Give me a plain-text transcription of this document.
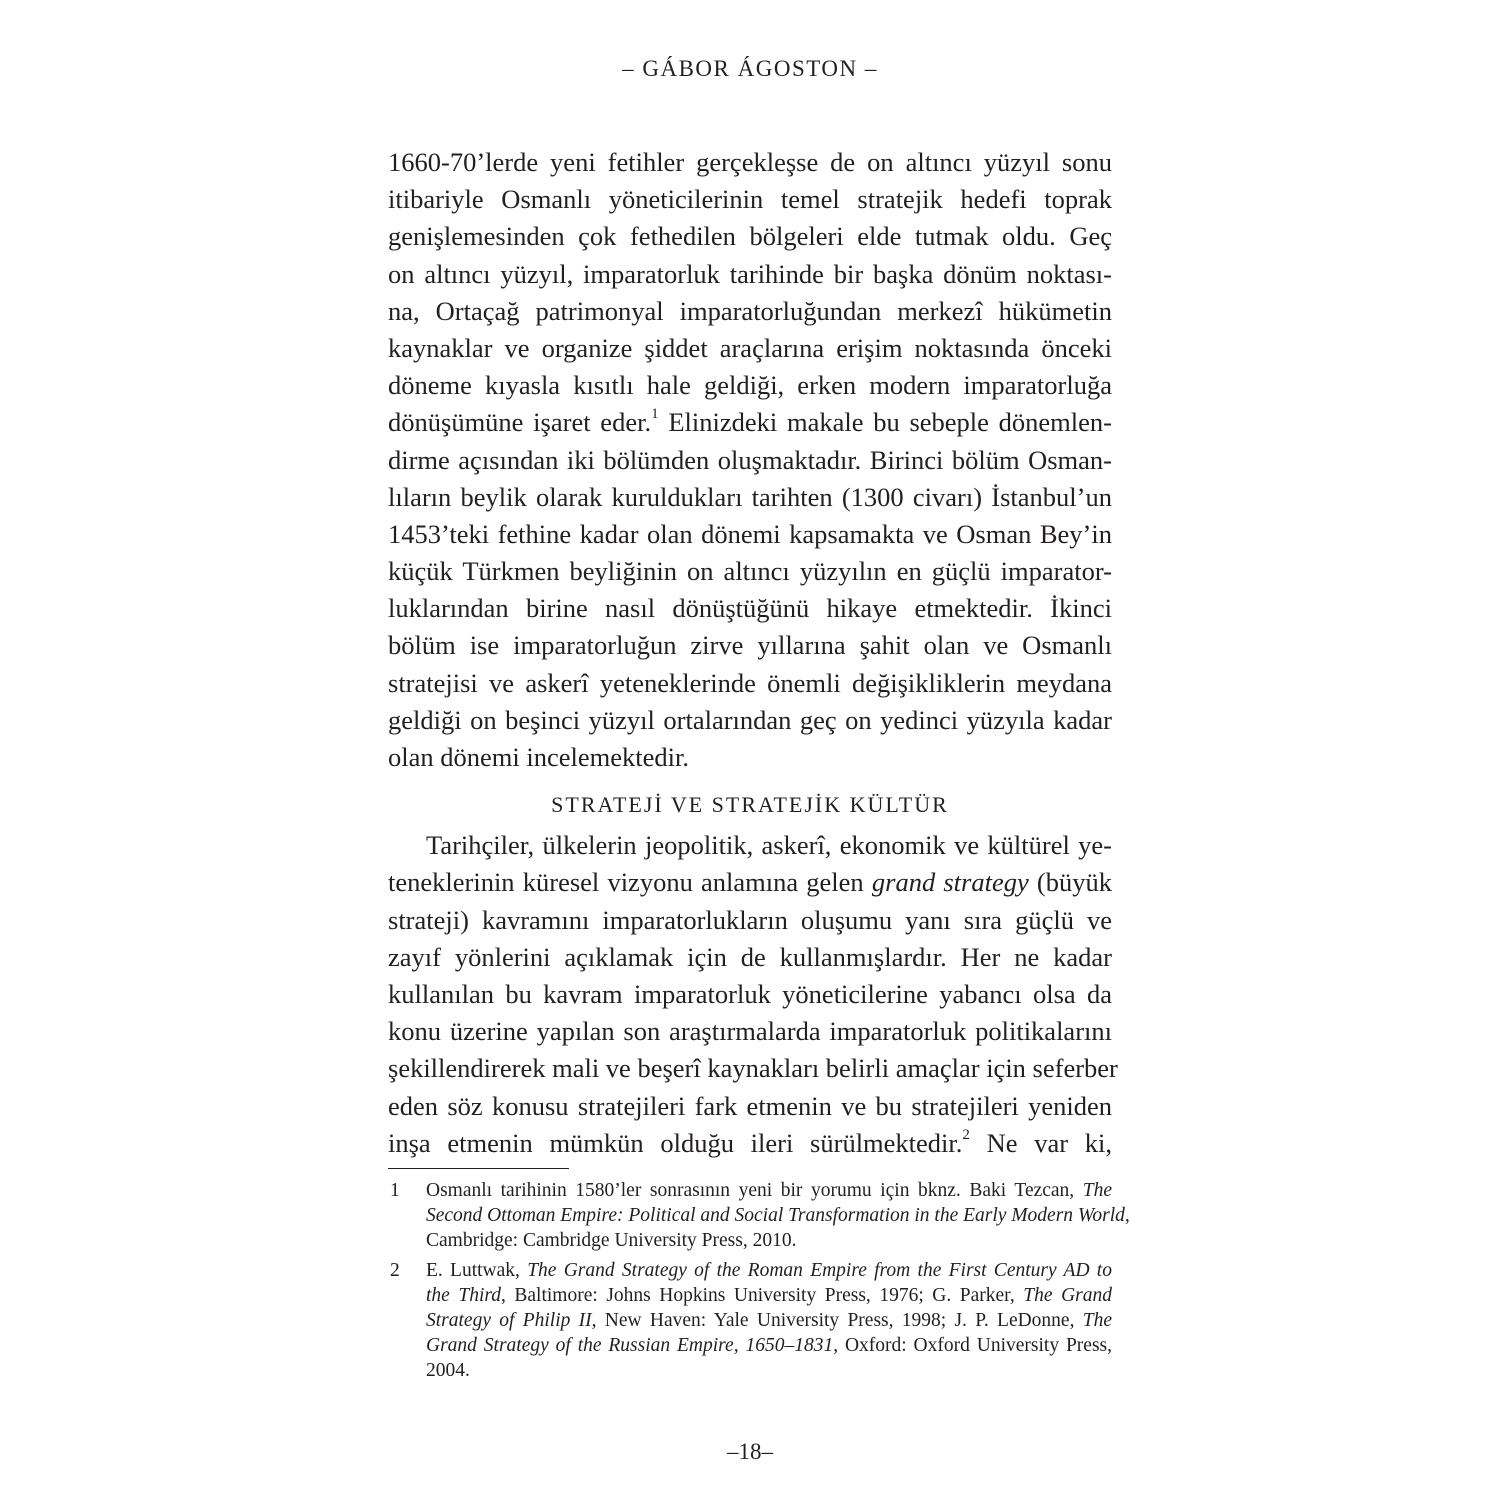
– GÁBOR ÁGOSTON –
1660-70’lerde yeni fetihler gerçekleşse de on altıncı yüzyıl sonu
itibariyle Osmanlı yöneticilerinin temel stratejik hedefi toprak
genişlemesinden çok fethedilen bölgeleri elde tutmak oldu. Geç
on altıncı yüzyıl, imparatorluk tarihinde bir başka dönüm noktası-
na, Ortaçağ patrimonyal imparatorluğundan merkezî hükümetin
kaynaklar ve organize şiddet araçlarına erişim noktasında önceki
döneme kıyasla kısıtlı hale geldiği, erken modern imparatorluğa
dönüşümüne işaret eder.$^1$ Elinizdeki makale bu sebeple dönemlen-
dirme açısından iki bölümden oluşmaktadır. Birinci bölüm Osman-
lıların beylik olarak kuruldukları tarihten (1300 civarı) İstanbul’un
1453’teki fethine kadar olan dönemi kapsamakta ve Osman Bey’in
küçük Türkmen beyliğinin on altıncı yüzyılın en güçlü imparator-
luklarından birine nasıl dönüştüğünü hikaye etmektedir. İkinci
bölüm ise imparatorluğun zirve yıllarına şahit olan ve Osmanlı
stratejisi ve askerî yeteneklerinde önemli değişikliklerin meydana
geldiği on beşinci yüzyıl ortalarından geç on yedinci yüzyıla kadar
olan dönemi incelemektedir.
STRATEJİ VE STRATEJİK KÜLTÜR
Tarihçiler, ülkelerin jeopolitik, askerî, ekonomik ve kültürel ye-
teneklerinin küresel vizyonu anlamına gelen grand strategy (büyük
strateji) kavramını imparatorlukların oluşumu yanı sıra güçlü ve
zayıf yönlerini açıklamak için de kullanmışlardır. Her ne kadar
kullanılan bu kavram imparatorluk yöneticilerine yabancı olsa da
konu üzerine yapılan son araştırmalarda imparatorluk politikalarını
şekillendirerek mali ve beşerî kaynakları belirli amaçlar için seferber
eden söz konusu stratejileri fark etmenin ve bu stratejileri yeniden
inşa etmenin mümkün olduğu ileri sürülmektedir.$^2$ Ne var ki,
1 Osmanlı tarihinin 1580’ler sonrasının yeni bir yorumu için bknz. Baki Tezcan, The
Second Ottoman Empire: Political and Social Transformation in the Early Modern World,
Cambridge: Cambridge University Press, 2010.
2 E. Luttwak, The Grand Strategy of the Roman Empire from the First Century AD to
the Third, Baltimore: Johns Hopkins University Press, 1976; G. Parker, The Grand
Strategy of Philip II, New Haven: Yale University Press, 1998; J. P. LeDonne, The
Grand Strategy of the Russian Empire, 1650–1831, Oxford: Oxford University Press,
2004.
–18–
